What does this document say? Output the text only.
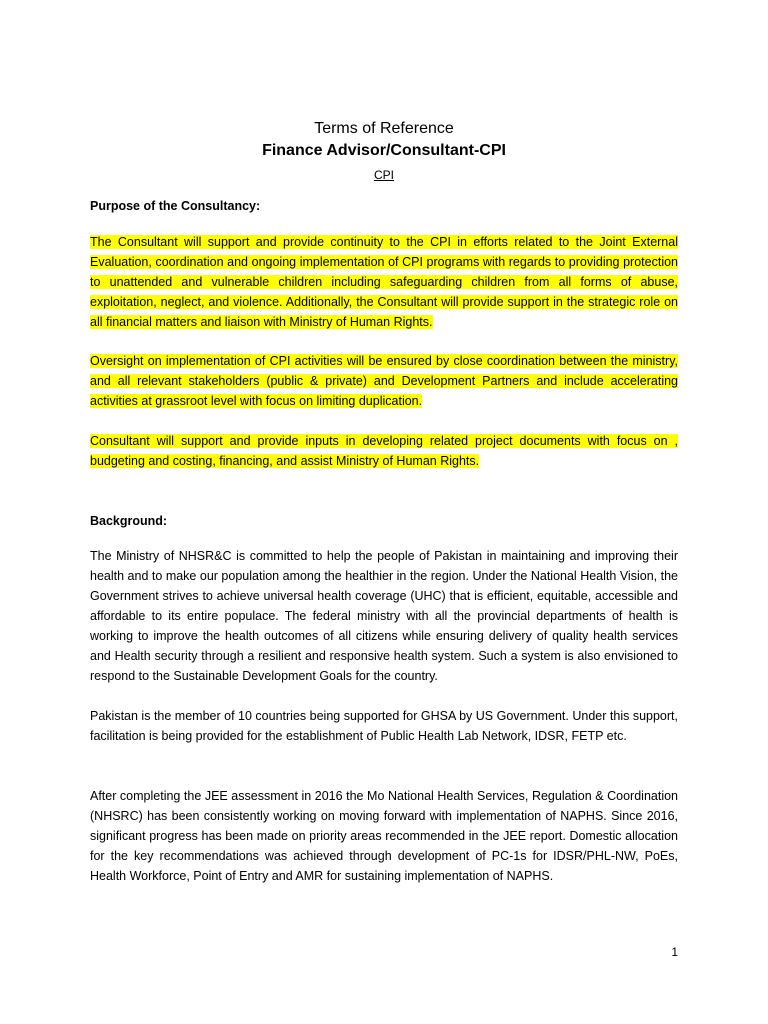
Terms of Reference

Finance Advisor/Consultant-CPI

CPI

Purpose of the Consultancy:

The Consultant will support and provide continuity to the CPI in efforts related to the Joint External Evaluation, coordination and ongoing implementation of CPI programs with regards to providing protection to unattended and vulnerable children including safeguarding children from all forms of abuse, exploitation, neglect, and violence. Additionally, the Consultant will provide support in the strategic role on all financial matters and liaison with Ministry of Human Rights.

Oversight on implementation of CPI activities will be ensured by close coordination between the ministry, and all relevant stakeholders (public & private) and Development Partners and include accelerating activities at grassroot level with focus on limiting duplication.

Consultant will support and provide inputs in developing related project documents with focus on , budgeting and costing, financing, and assist Ministry of Human Rights.

Background:

The Ministry of NHSR&C is committed to help the people of Pakistan in maintaining and improving their health and to make our population among the healthier in the region. Under the National Health Vision, the Government strives to achieve universal health coverage (UHC) that is efficient, equitable, accessible and affordable to its entire populace. The federal ministry with all the provincial departments of health is working to improve the health outcomes of all citizens while ensuring delivery of quality health services and Health security through a resilient and responsive health system. Such a system is also envisioned to respond to the Sustainable Development Goals for the country.

Pakistan is the member of 10 countries being supported for GHSA by US Government. Under this support, facilitation is being provided for the establishment of Public Health Lab Network, IDSR, FETP etc.

After completing the JEE assessment in 2016 the Mo National Health Services, Regulation & Coordination (NHSRC) has been consistently working on moving forward with implementation of NAPHS. Since 2016, significant progress has been made on priority areas recommended in the JEE report. Domestic allocation for the key recommendations was achieved through development of PC-1s for IDSR/PHL-NW, PoEs, Health Workforce, Point of Entry and AMR for sustaining implementation of NAPHS.

1
